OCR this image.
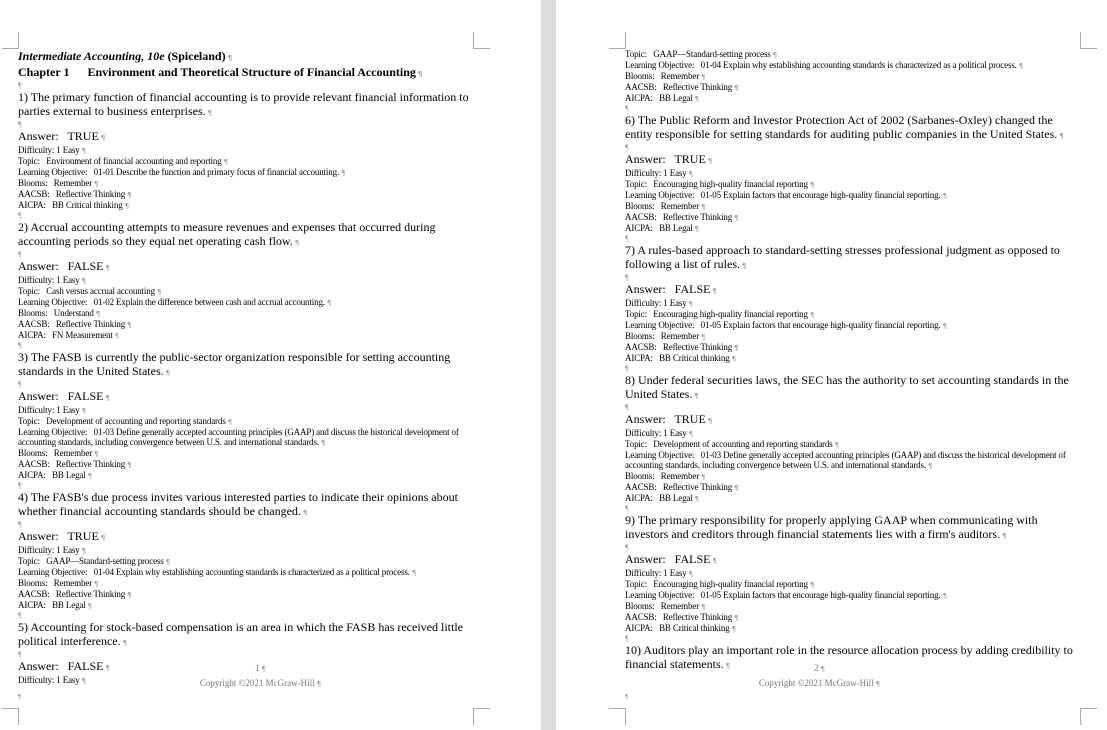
Intermediate Accounting, 10e (Spiceland) ¶
Chapter 1      Environment and Theoretical Structure of Financial Accounting ¶
¶
1) The primary function of financial accounting is to provide relevant financial information to parties external to business enterprises. ¶
¶
Answer:   TRUE ¶
Difficulty: 1 Easy ¶
Topic:   Environment of financial accounting and reporting ¶
Learning Objective:   01-01 Describe the function and primary focus of financial accounting. ¶
Blooms:   Remember ¶
AACSB:   Reflective Thinking ¶
AICPA:   BB Critical thinking ¶
¶
2) Accrual accounting attempts to measure revenues and expenses that occurred during accounting periods so they equal net operating cash flow. ¶
¶
Answer:   FALSE ¶
Difficulty: 1 Easy ¶
Topic:   Cash versus accrual accounting ¶
Learning Objective:   01-02 Explain the difference between cash and accrual accounting. ¶
Blooms:   Understand ¶
AACSB:   Reflective Thinking ¶
AICPA:   FN Measurement ¶
¶
3) The FASB is currently the public-sector organization responsible for setting accounting standards in the United States. ¶
¶
Answer:   FALSE ¶
Difficulty: 1 Easy ¶
Topic:   Development of accounting and reporting standards ¶
Learning Objective:   01-03 Define generally accepted accounting principles (GAAP) and discuss the historical development of accounting standards, including convergence between U.S. and international standards. ¶
Blooms:   Remember ¶
AACSB:   Reflective Thinking ¶
AICPA:   BB Legal ¶
¶
4) The FASB's due process invites various interested parties to indicate their opinions about whether financial accounting standards should be changed. ¶
¶
Answer:   TRUE ¶
Difficulty: 1 Easy ¶
Topic:   GAAP—Standard-setting process ¶
Learning Objective:   01-04 Explain why establishing accounting standards is characterized as a political process. ¶
Blooms:   Remember ¶
AACSB:   Reflective Thinking ¶
AICPA:   BB Legal ¶
¶
5) Accounting for stock-based compensation is an area in which the FASB has received little political interference. ¶
¶
Answer:   FALSE ¶
Difficulty: 1 Easy ¶
1 ¶
Copyright ©2021 McGraw-Hill ¶
¶
Topic:   GAAP—Standard-setting process ¶
Learning Objective:   01-04 Explain why establishing accounting standards is characterized as a political process. ¶
Blooms:   Remember ¶
AACSB:   Reflective Thinking ¶
AICPA:   BB Legal ¶
¶
6) The Public Reform and Investor Protection Act of 2002 (Sarbanes-Oxley) changed the entity responsible for setting standards for auditing public companies in the United States. ¶
¶
Answer:   TRUE ¶
Difficulty: 1 Easy ¶
Topic:   Encouraging high-quality financial reporting ¶
Learning Objective:   01-05 Explain factors that encourage high-quality financial reporting. ¶
Blooms:   Remember ¶
AACSB:   Reflective Thinking ¶
AICPA:   BB Legal ¶
¶
7) A rules-based approach to standard-setting stresses professional judgment as opposed to following a list of rules. ¶
¶
Answer:   FALSE ¶
Difficulty: 1 Easy ¶
Topic:   Encouraging high-quality financial reporting ¶
Learning Objective:   01-05 Explain factors that encourage high-quality financial reporting. ¶
Blooms:   Remember ¶
AACSB:   Reflective Thinking ¶
AICPA:   BB Critical thinking ¶
¶
8) Under federal securities laws, the SEC has the authority to set accounting standards in the United States. ¶
¶
Answer:   TRUE ¶
Difficulty: 1 Easy ¶
Topic:   Development of accounting and reporting standards ¶
Learning Objective:   01-03 Define generally accepted accounting principles (GAAP) and discuss the historical development of accounting standards, including convergence between U.S. and international standards. ¶
Blooms:   Remember ¶
AACSB:   Reflective Thinking ¶
AICPA:   BB Legal ¶
¶
9) The primary responsibility for properly applying GAAP when communicating with investors and creditors through financial statements lies with a firm's auditors. ¶
¶
Answer:   FALSE ¶
Difficulty: 1 Easy ¶
Topic:   Encouraging high-quality financial reporting ¶
Learning Objective:   01-05 Explain factors that encourage high-quality financial reporting. ¶
Blooms:   Remember ¶
AACSB:   Reflective Thinking ¶
AICPA:   BB Critical thinking ¶
¶
10) Auditors play an important role in the resource allocation process by adding credibility to financial statements. ¶	2 ¶
Copyright ©2021 McGraw-Hill ¶
¶
